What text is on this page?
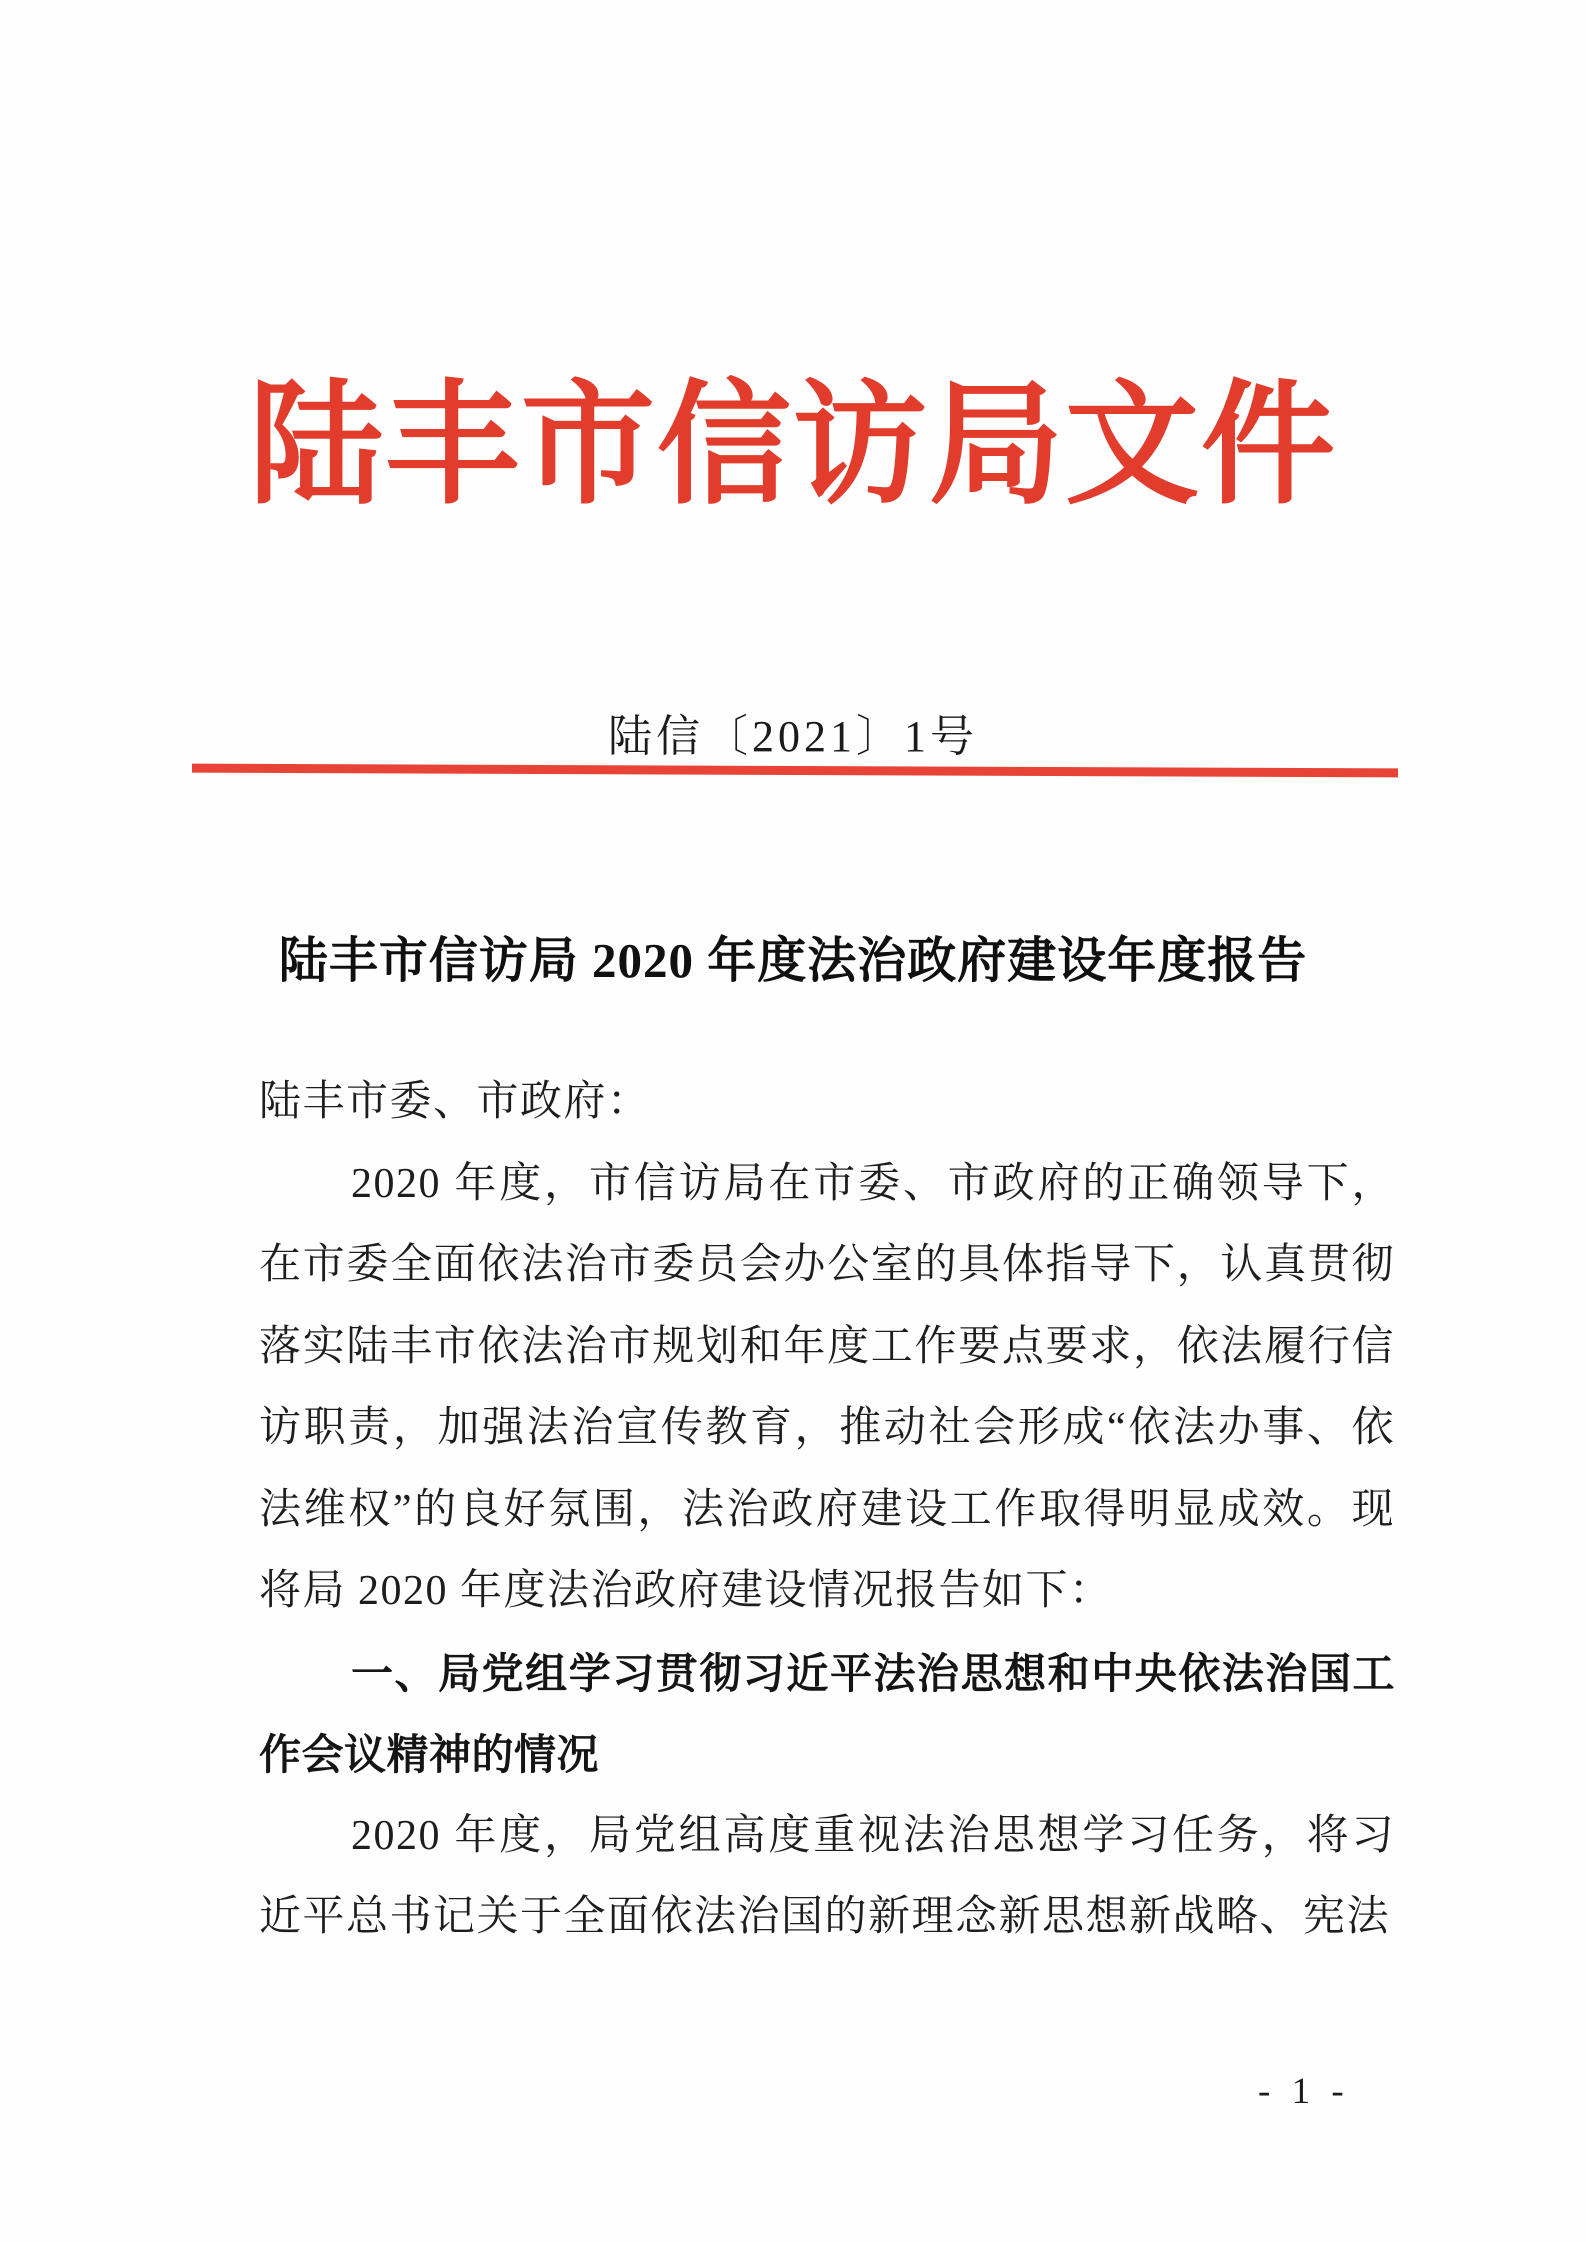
陆丰市信访局文件
陆信〔2021〕1号
陆丰市信访局 2020 年度法治政府建设年度报告

陆丰市委、市政府：

2020 年度，市信访局在市委、市政府的正确领导下，在市委全面依法治市委员会办公室的具体指导下，认真贯彻落实陆丰市依法治市规划和年度工作要点要求，依法履行信访职责，加强法治宣传教育，推动社会形成“依法办事、依法维权”的良好氛围，法治政府建设工作取得明显成效。现将局 2020 年度法治政府建设情况报告如下：

一、局党组学习贯彻习近平法治思想和中央依法治国工作会议精神的情况

2020 年度，局党组高度重视法治思想学习任务，将习近平总书记关于全面依法治国的新理念新思想新战略、宪法

- 1 -
